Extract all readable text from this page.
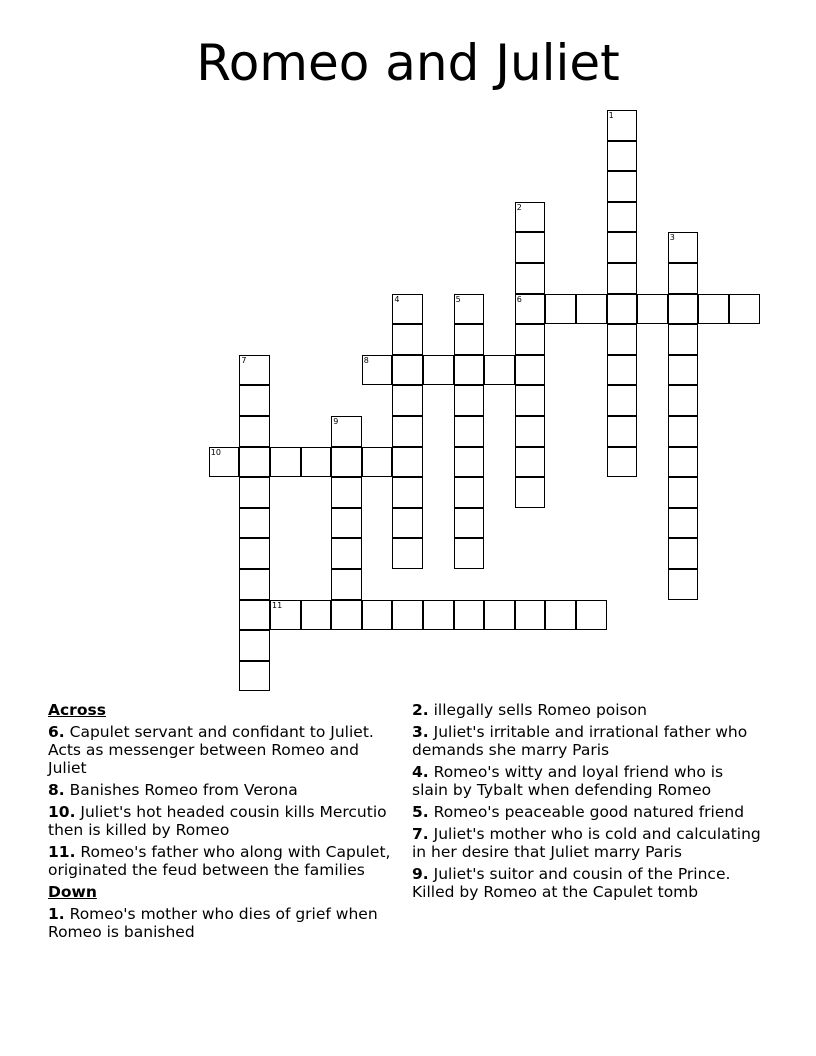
Romeo and Juliet
1
2
6
3
4	5
7	8
9
10
11
Across
6. Capulet servant and confidant to Juliet. Acts as messenger between Romeo and Juliet
8. Banishes Romeo from Verona
10. Juliet's hot headed cousin kills Mercutio then is killed by Romeo
11. Romeo's father who along with Capulet, originated the feud between the families
Down
1. Romeo's mother who dies of grief when Romeo is banished
2. illegally sells Romeo poison
3. Juliet's irritable and irrational father who demands she marry Paris
4. Romeo's witty and loyal friend who is slain by Tybalt when defending Romeo
5. Romeo's peaceable good natured friend
7. Juliet's mother who is cold and calculating in her desire that Juliet marry Paris
9. Juliet's suitor and cousin of the Prince. Killed by Romeo at the Capulet tomb
